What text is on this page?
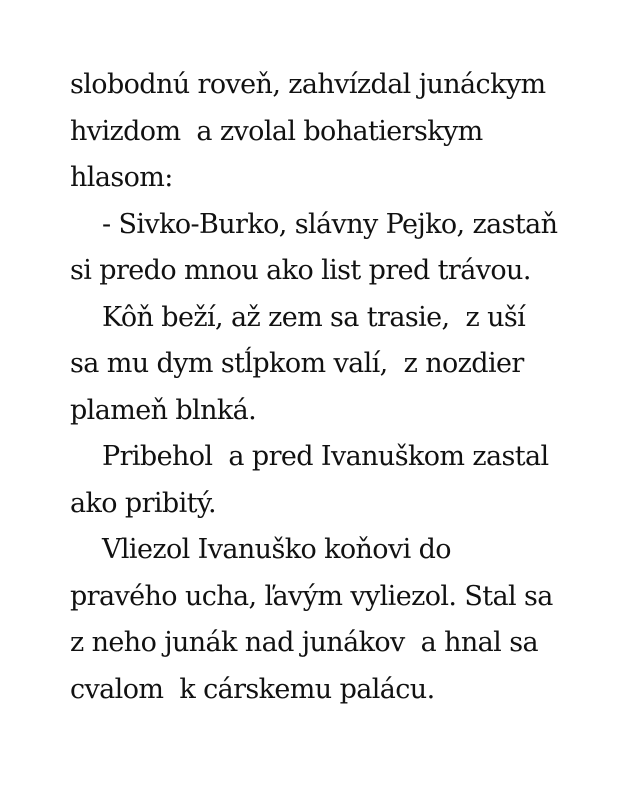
slobodnú roveň, zahvízdal junáckym
hvizdom  a zvolal bohatierskym
hlasom:
- Sivko-Burko, slávny Pejko, zastaň
si predo mnou ako list pred trávou.
Kôň beží, až zem sa trasie,  z uší
sa mu dym stĺpkom valí,  z nozdier
plameň blnká.
Pribehol  a pred Ivanuškom zastal
ako pribitý.
Vliezol Ivanuško koňovi do
pravého ucha, ľavým vyliezol. Stal sa
z neho junák nad junákov  a hnal sa
cvalom  k cárskemu palácu.
